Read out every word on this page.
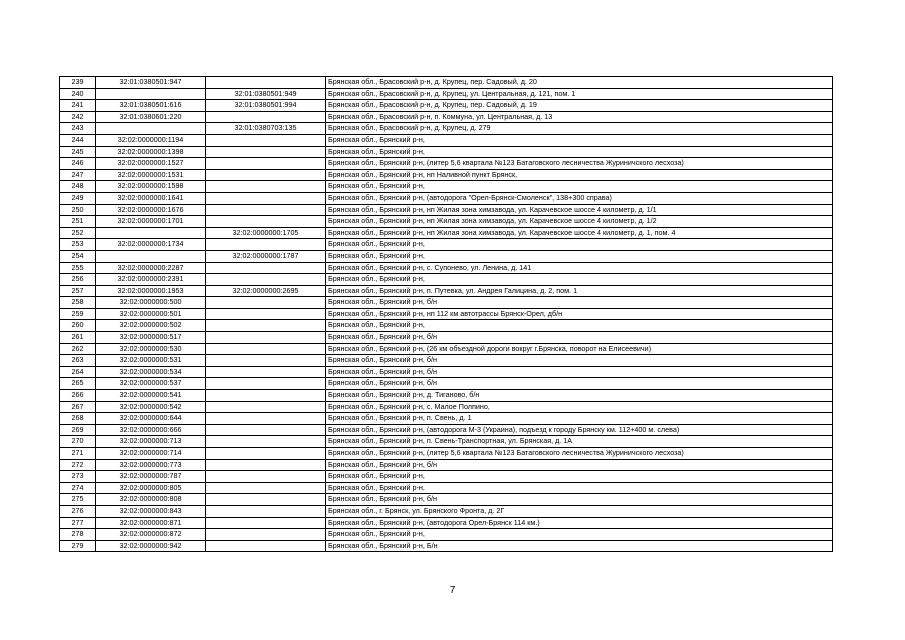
239	32:01:0380501:947		Брянская обл., Брасовский р-н, д. Крупец, пер. Садовый, д. 20
240		32:01:0380501:949	Брянская обл., Брасовский р-н, д. Крупец, ул. Центральная, д. 121, пом. 1
241	32:01:0380501:616	32:01:0380501:994	Брянская обл., Брасовский р-н, д. Крупец, пер. Садовый, д. 19
242	32:01:0380601:220		Брянская обл., Брасовский р-н, п. Коммуна, ул. Центральная, д. 13
243		32:01:0380703:135	Брянская обл., Брасовский р-н, д. Крупец, д. 279
244	32:02:0000000:1194		Брянская обл., Брянский р-н,
245	32:02:0000000:1398		Брянская обл., Брянский р-н,
246	32:02:0000000:1527		Брянская обл., Брянский р-н, (литер 5,6 квартала №123 Батаговского лесничества Журиничского лесхоза)
247	32:02:0000000:1531		Брянская обл., Брянский р-н, нп Наливной пункт Брянск,
248	32:02:0000000:1598		Брянская обл., Брянский р-н,
249	32:02:0000000:1641		Брянская обл., Брянский р-н, (автодорога "Орел-Брянск-Смоленск", 138+300 справа)
250	32:02:0000000:1676		Брянская обл., Брянский р-н, нп Жилая зона химзавода, ул. Карачевское шоссе 4 километр, д. 1/1
251	32:02:0000000:1701		Брянская обл., Брянский р-н, нп Жилая зона химзавода, ул. Карачевское шоссе 4 километр, д. 1/2
252		32:02:0000000:1705	Брянская обл., Брянский р-н, нп Жилая зона химзавода, ул. Карачевское шоссе 4 километр, д. 1, пом. 4
253	32:02:0000000:1734		Брянская обл., Брянский р-н,
254		32:02:0000000:1787	Брянская обл., Брянский р-н,
255	32:02:0000000:2287		Брянская обл., Брянский р-н, с. Супонево, ул. Ленина, д. 141
256	32:02:0000000:2391		Брянская обл., Брянский р-н,
257	32:02:0000000:1953	32:02:0000000:2695	Брянская обл., Брянский р-н, п. Путевка, ул. Андрея Галицина, д. 2, пом. 1
258	32:02:0000000:500		Брянская обл., Брянский р-н, б/н
259	32:02:0000000:501		Брянская обл., Брянский р-н, нп 112 км автотрассы Брянск-Орел, дб/н
260	32:02:0000000:502		Брянская обл., Брянский р-н,
261	32:02:0000000:517		Брянская обл., Брянский р-н, б/н
262	32:02:0000000:530		Брянская обл., Брянский р-н, (26 км объездной дороги вокруг г.Брянска, поворот на Елисеевичи)
263	32:02:0000000:531		Брянская обл., Брянский р-н, б/н
264	32:02:0000000:534		Брянская обл., Брянский р-н, б/н
265	32:02:0000000:537		Брянская обл., Брянский р-н, б/н
266	32:02:0000000:541		Брянская обл., Брянский р-н, д. Тиганово, б/н
267	32:02:0000000:542		Брянская обл., Брянский р-н, с. Малое Полпино,
268	32:02:0000000:644		Брянская обл., Брянский р-н, п. Свень, д. 1
269	32:02:0000000:666		Брянская обл., Брянский р-н, (автодорога М-3 (Украина), подъезд к городу Брянску км. 112+400 м. слева)
270	32:02:0000000:713		Брянская обл., Брянский р-н, п. Свень-Транспортная, ул. Брянская, д. 1А
271	32:02:0000000:714		Брянская обл., Брянский р-н, (литер 5,6 квартала №123 Батаговского лесничества Журиничского лесхоза)
272	32:02:0000000:773		Брянская обл., Брянский р-н, б/н
273	32:02:0000000:787		Брянская обл., Брянский р-н,
274	32:02:0000000:805		Брянская обл., Брянский р-н,
275	32:02:0000000:808		Брянская обл., Брянский р-н, б/н
276	32:02:0000000:843		Брянская обл., г. Брянск, ул. Брянского Фронта, д. 2Г
277	32:02:0000000:871		Брянская обл., Брянский р-н, (автодорога Орел-Брянск 114 км.)
278	32:02:0000000:872		Брянская обл., Брянский р-н,
279	32:02:0000000:942		Брянская обл., Брянский р-н, Б/н
7
